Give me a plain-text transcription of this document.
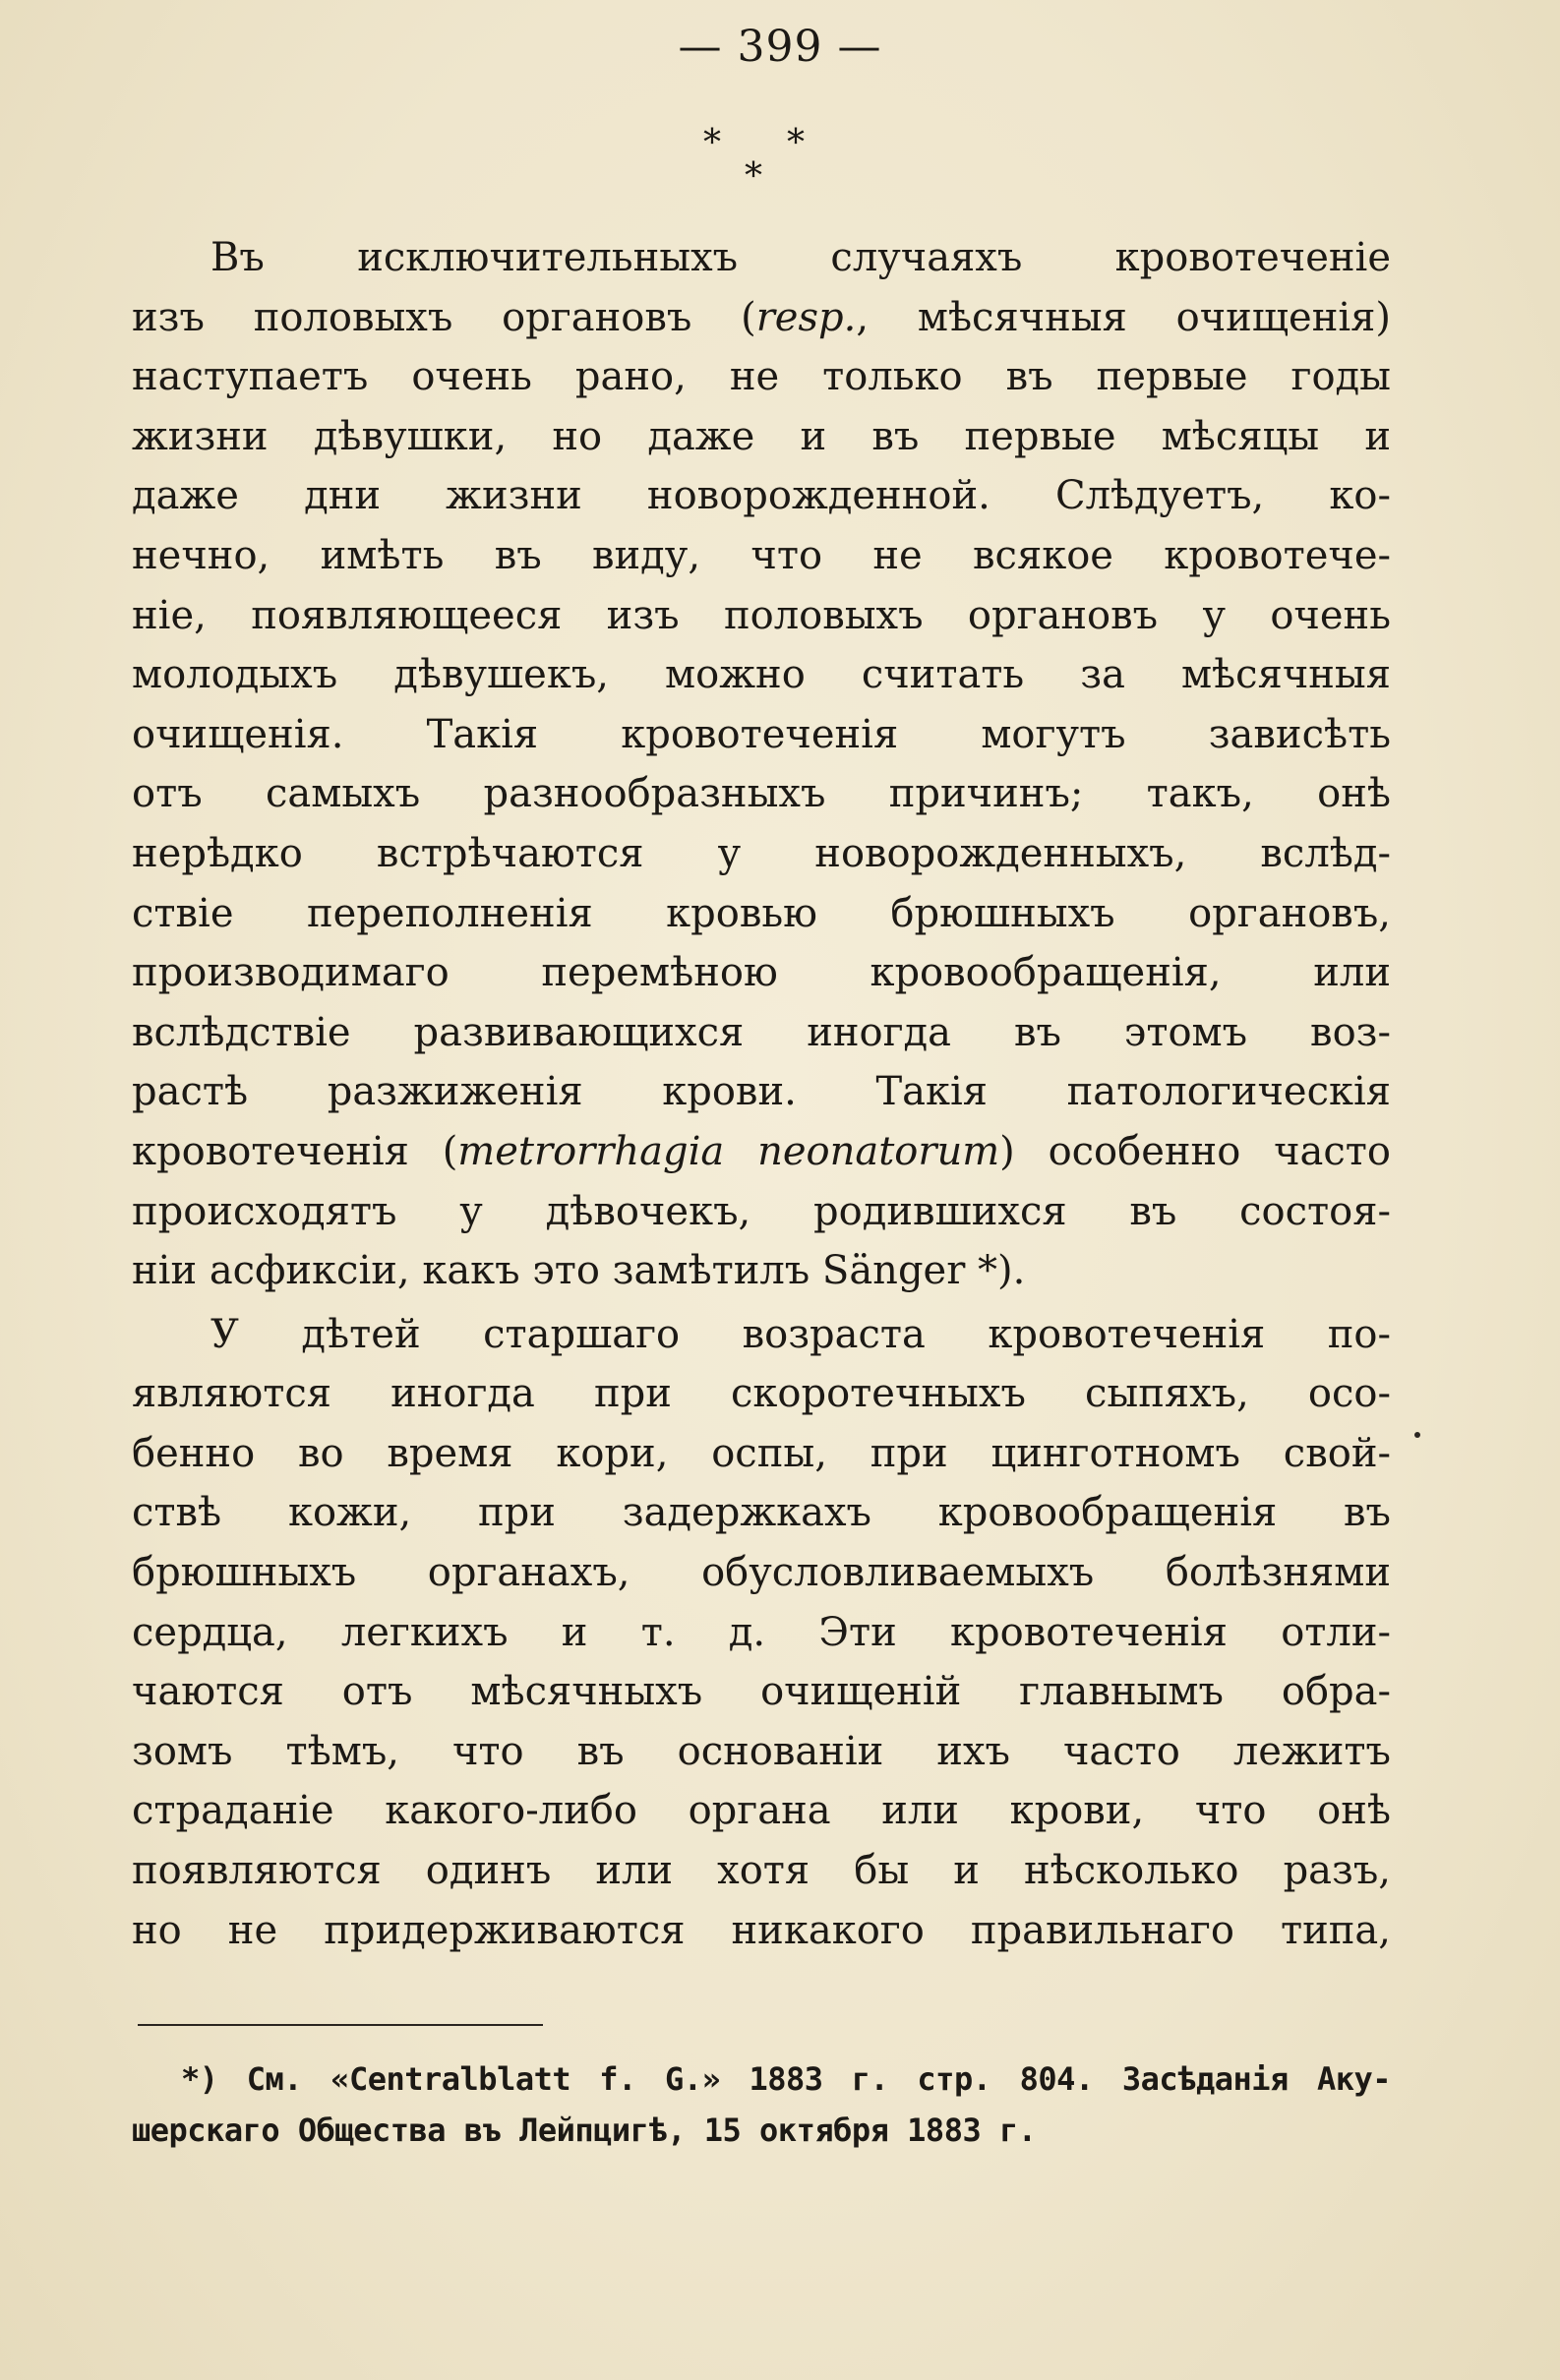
— 399 —
* *
*
Въ исключительныхъ случаяхъ кровотеченіе
изъ половыхъ органовъ (resp., мѣсячныя очищенія)
наступаетъ очень рано, не только въ первые годы
жизни дѣвушки, но даже и въ первые мѣсяцы и
даже дни жизни новорожденной. Слѣдуетъ, ко-
нечно, имѣть въ виду, что не всякое кровотече-
ніе, появляющееся изъ половыхъ органовъ у очень
молодыхъ дѣвушекъ, можно считать за мѣсячныя
очищенія. Такія кровотеченія могутъ зависѣть
отъ самыхъ разнообразныхъ причинъ; такъ, онѣ
нерѣдко встрѣчаются у новорожденныхъ, вслѣд-
ствіе переполненія кровью брюшныхъ органовъ,
производимаго перемѣною кровообращенія, или
вслѣдствіе развивающихся иногда въ этомъ воз-
растѣ разжиженія крови. Такія патологическія
кровотеченія (metrorrhagia neonatorum) особенно часто
происходятъ у дѣвочекъ, родившихся въ состоя-
ніи асфиксіи, какъ это замѣтилъ Sänger *).
У дѣтей старшаго возраста кровотеченія по-
являются иногда при скоротечныхъ сыпяхъ, осо-
бенно во время кори, оспы, при цинготномъ свой-
ствѣ кожи, при задержкахъ кровообращенія въ
брюшныхъ органахъ, обусловливаемыхъ болѣзнями
сердца, легкихъ и т. д. Эти кровотеченія отли-
чаются отъ мѣсячныхъ очищеній главнымъ обра-
зомъ тѣмъ, что въ основаніи ихъ часто лежитъ
страданіе какого-либо органа или крови, что онѣ
появляются одинъ или хотя бы и нѣсколько разъ,
но не придерживаются никакого правильнаго типа,
*) См. «Centralblatt f. G.» 1883 г. стр. 804. Засѣданія Аку-
шерскаго Общества въ Лейпцигѣ, 15 октября 1883 г.
